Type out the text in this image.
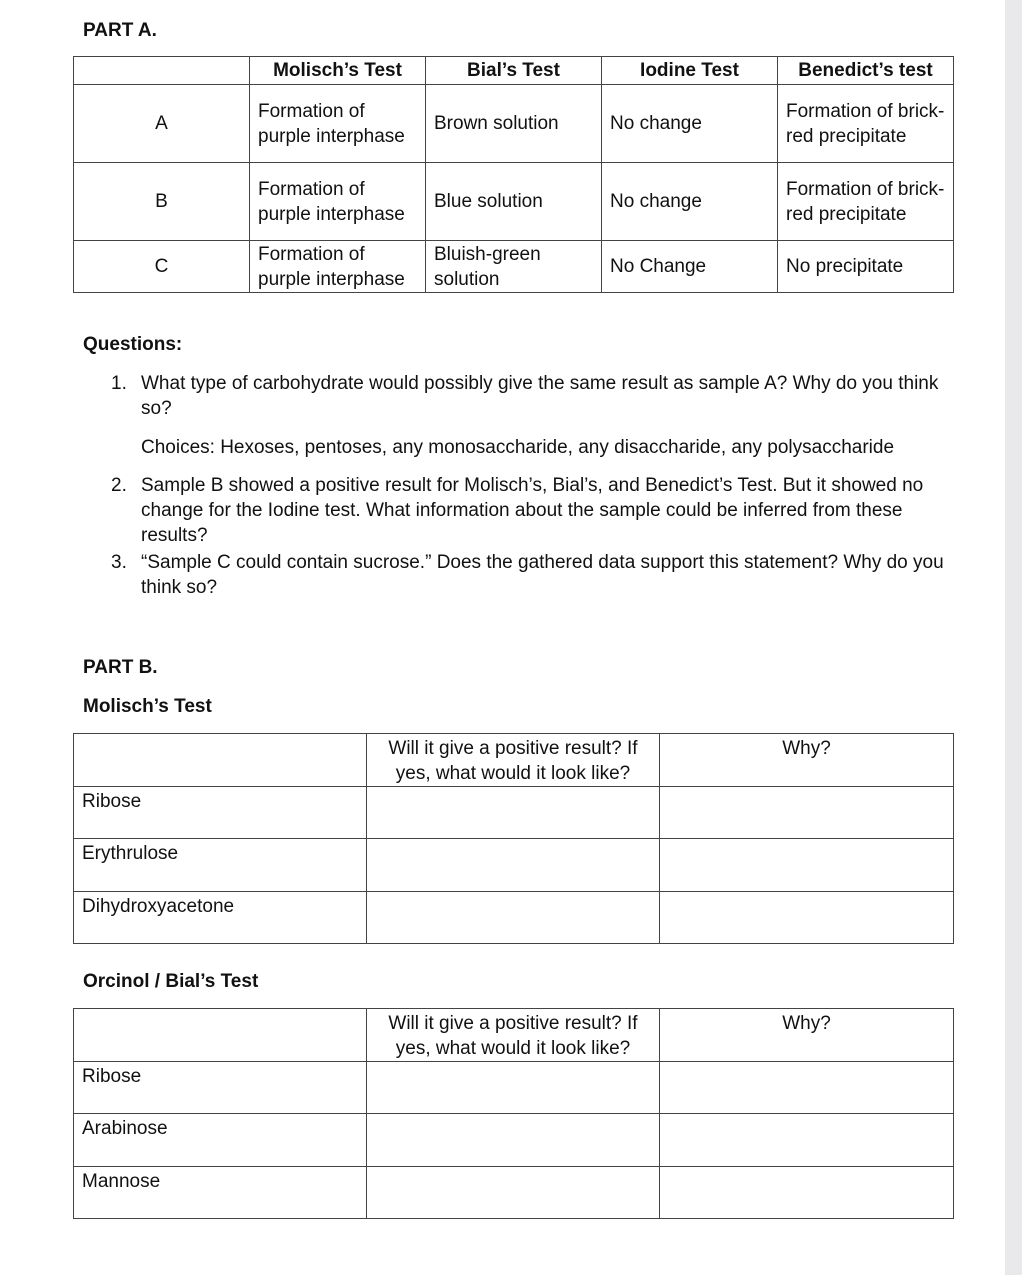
PART A.
	Molisch’s Test	Bial’s Test	Iodine Test	Benedict’s test
A	Formation of purple interphase	Brown solution	No change	Formation of brick-red precipitate
B	Formation of purple interphase	Blue solution	No change	Formation of brick-red precipitate
C	Formation of purple interphase	Bluish-green solution	No Change	No precipitate
Questions:
1. What type of carbohydrate would possibly give the same result as sample A? Why do you think so?
Choices: Hexoses, pentoses, any monosaccharide, any disaccharide, any polysaccharide
2. Sample B showed a positive result for Molisch’s, Bial’s, and Benedict’s Test. But it showed no change for the Iodine test. What information about the sample could be inferred from these results?
3. “Sample C could contain sucrose.” Does the gathered data support this statement? Why do you think so?
PART B.
Molisch’s Test
	Will it give a positive result? If yes, what would it look like?	Why?
Ribose		
Erythrulose		
Dihydroxyacetone		
Orcinol / Bial’s Test
	Will it give a positive result? If yes, what would it look like?	Why?
Ribose		
Arabinose		
Mannose		
